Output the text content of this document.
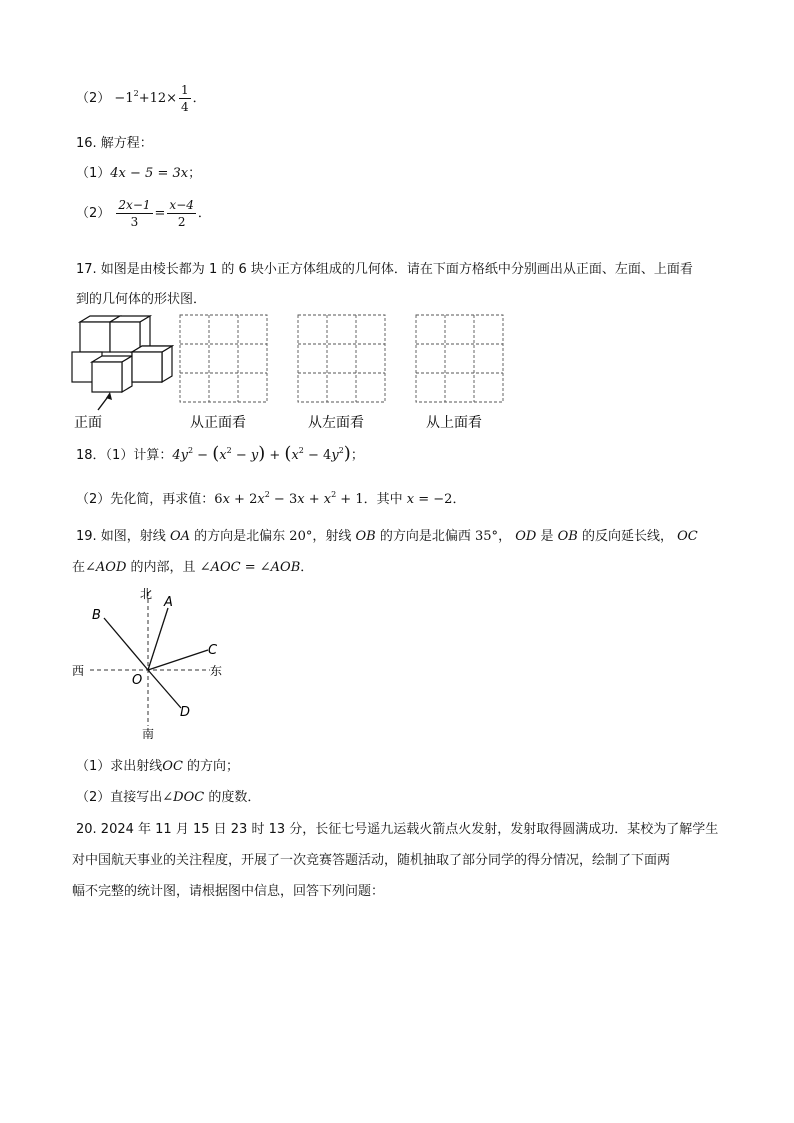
$(2) -1^2+12\times \frac{1}{4}$ ．
16. 解方程：
（1）4x − 5 = 3x；
$(2) \frac{2x-1}{3} = \frac{x-4}{2}$ ．
17. 如图是由棱长都为 1 的 6 块小正方体组成的几何体．请在下面方格纸中分别画出从正面、左面、上面看
到的几何体的形状图．
正面	从正面看	从左面看	从上面看
18．（1）计算：$4y^2 - (x^2 - y) + (x^2 - 4y^2)$；
（2）先化简，再求值：$6x + 2x^2 - 3x + x^2 + 1$．其中 x = −2．
19. 如图，射线 OA 的方向是北偏东 20°，射线 OB 的方向是北偏西 35°， OD 是 OB 的反向延长线， OC
在∠AOD 的内部，且 ∠AOC = ∠AOB．
北
南
西	东
A
B
C
D
O
（1）求出射线OC 的方向；
（2）直接写出∠DOC 的度数．
20. 2024 年 11 月 15 日 23 时 13 分，长征七号遥九运载火箭点火发射，发射取得圆满成功．某校为了解学生
对中国航天事业的关注程度，开展了一次竞赛答题活动，随机抽取了部分同学的得分情况，绘制了下面两
幅不完整的统计图，请根据图中信息，回答下列问题：
